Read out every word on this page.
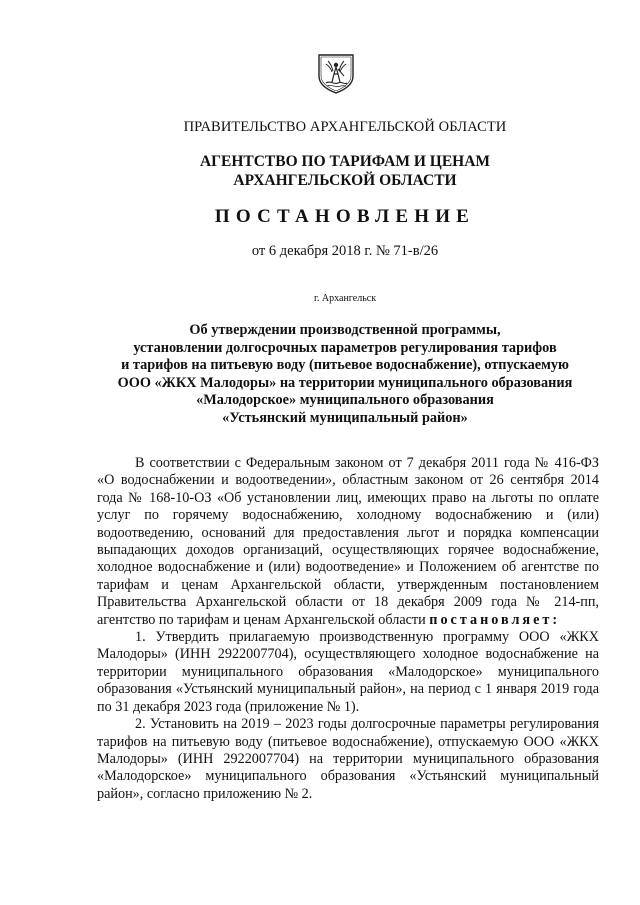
ПРАВИТЕЛЬСТВО АРХАНГЕЛЬСКОЙ ОБЛАСТИ
АГЕНТСТВО ПО ТАРИФАМ И ЦЕНАМ
АРХАНГЕЛЬСКОЙ ОБЛАСТИ
ПОСТАНОВЛЕНИЕ
от 6 декабря 2018 г. № 71-в/26
г. Архангельск
Об утверждении производственной программы,
установлении долгосрочных параметров регулирования тарифов
и тарифов на питьевую воду (питьевое водоснабжение), отпускаемую
ООО «ЖКХ Малодоры» на территории муниципального образования
«Малодорское» муниципального образования
«Устьянский муниципальный район»

В соответствии с Федеральным законом от 7 декабря 2011 года № 416-ФЗ «О водоснабжении и водоотведении», областным законом от 26 сентября 2014 года № 168-10-ОЗ «Об установлении лиц, имеющих право на льготы по оплате услуг по горячему водоснабжению, холодному водоснабжению и (или) водоотведению, оснований для предоставления льгот и порядка компенсации выпадающих доходов организаций, осуществляющих горячее водоснабжение, холодное водоснабжение и (или) водоотведение» и Положением об агентстве по тарифам и ценам Архангельской области, утвержденным постановлением Правительства Архангельской области от 18 декабря 2009 года № 214-пп, агентство по тарифам и ценам Архангельской области постановляет:

1. Утвердить прилагаемую производственную программу ООО «ЖКХ Малодоры» (ИНН 2922007704), осуществляющего холодное водоснабжение на территории муниципального образования «Малодорское» муниципального образования «Устьянский муниципальный район», на период с 1 января 2019 года по 31 декабря 2023 года (приложение № 1).

2. Установить на 2019 – 2023 годы долгосрочные параметры регулирования тарифов на питьевую воду (питьевое водоснабжение), отпускаемую ООО «ЖКХ Малодоры» (ИНН 2922007704) на территории муниципального образования «Малодорское» муниципального образования «Устьянский муниципальный район», согласно приложению № 2.
